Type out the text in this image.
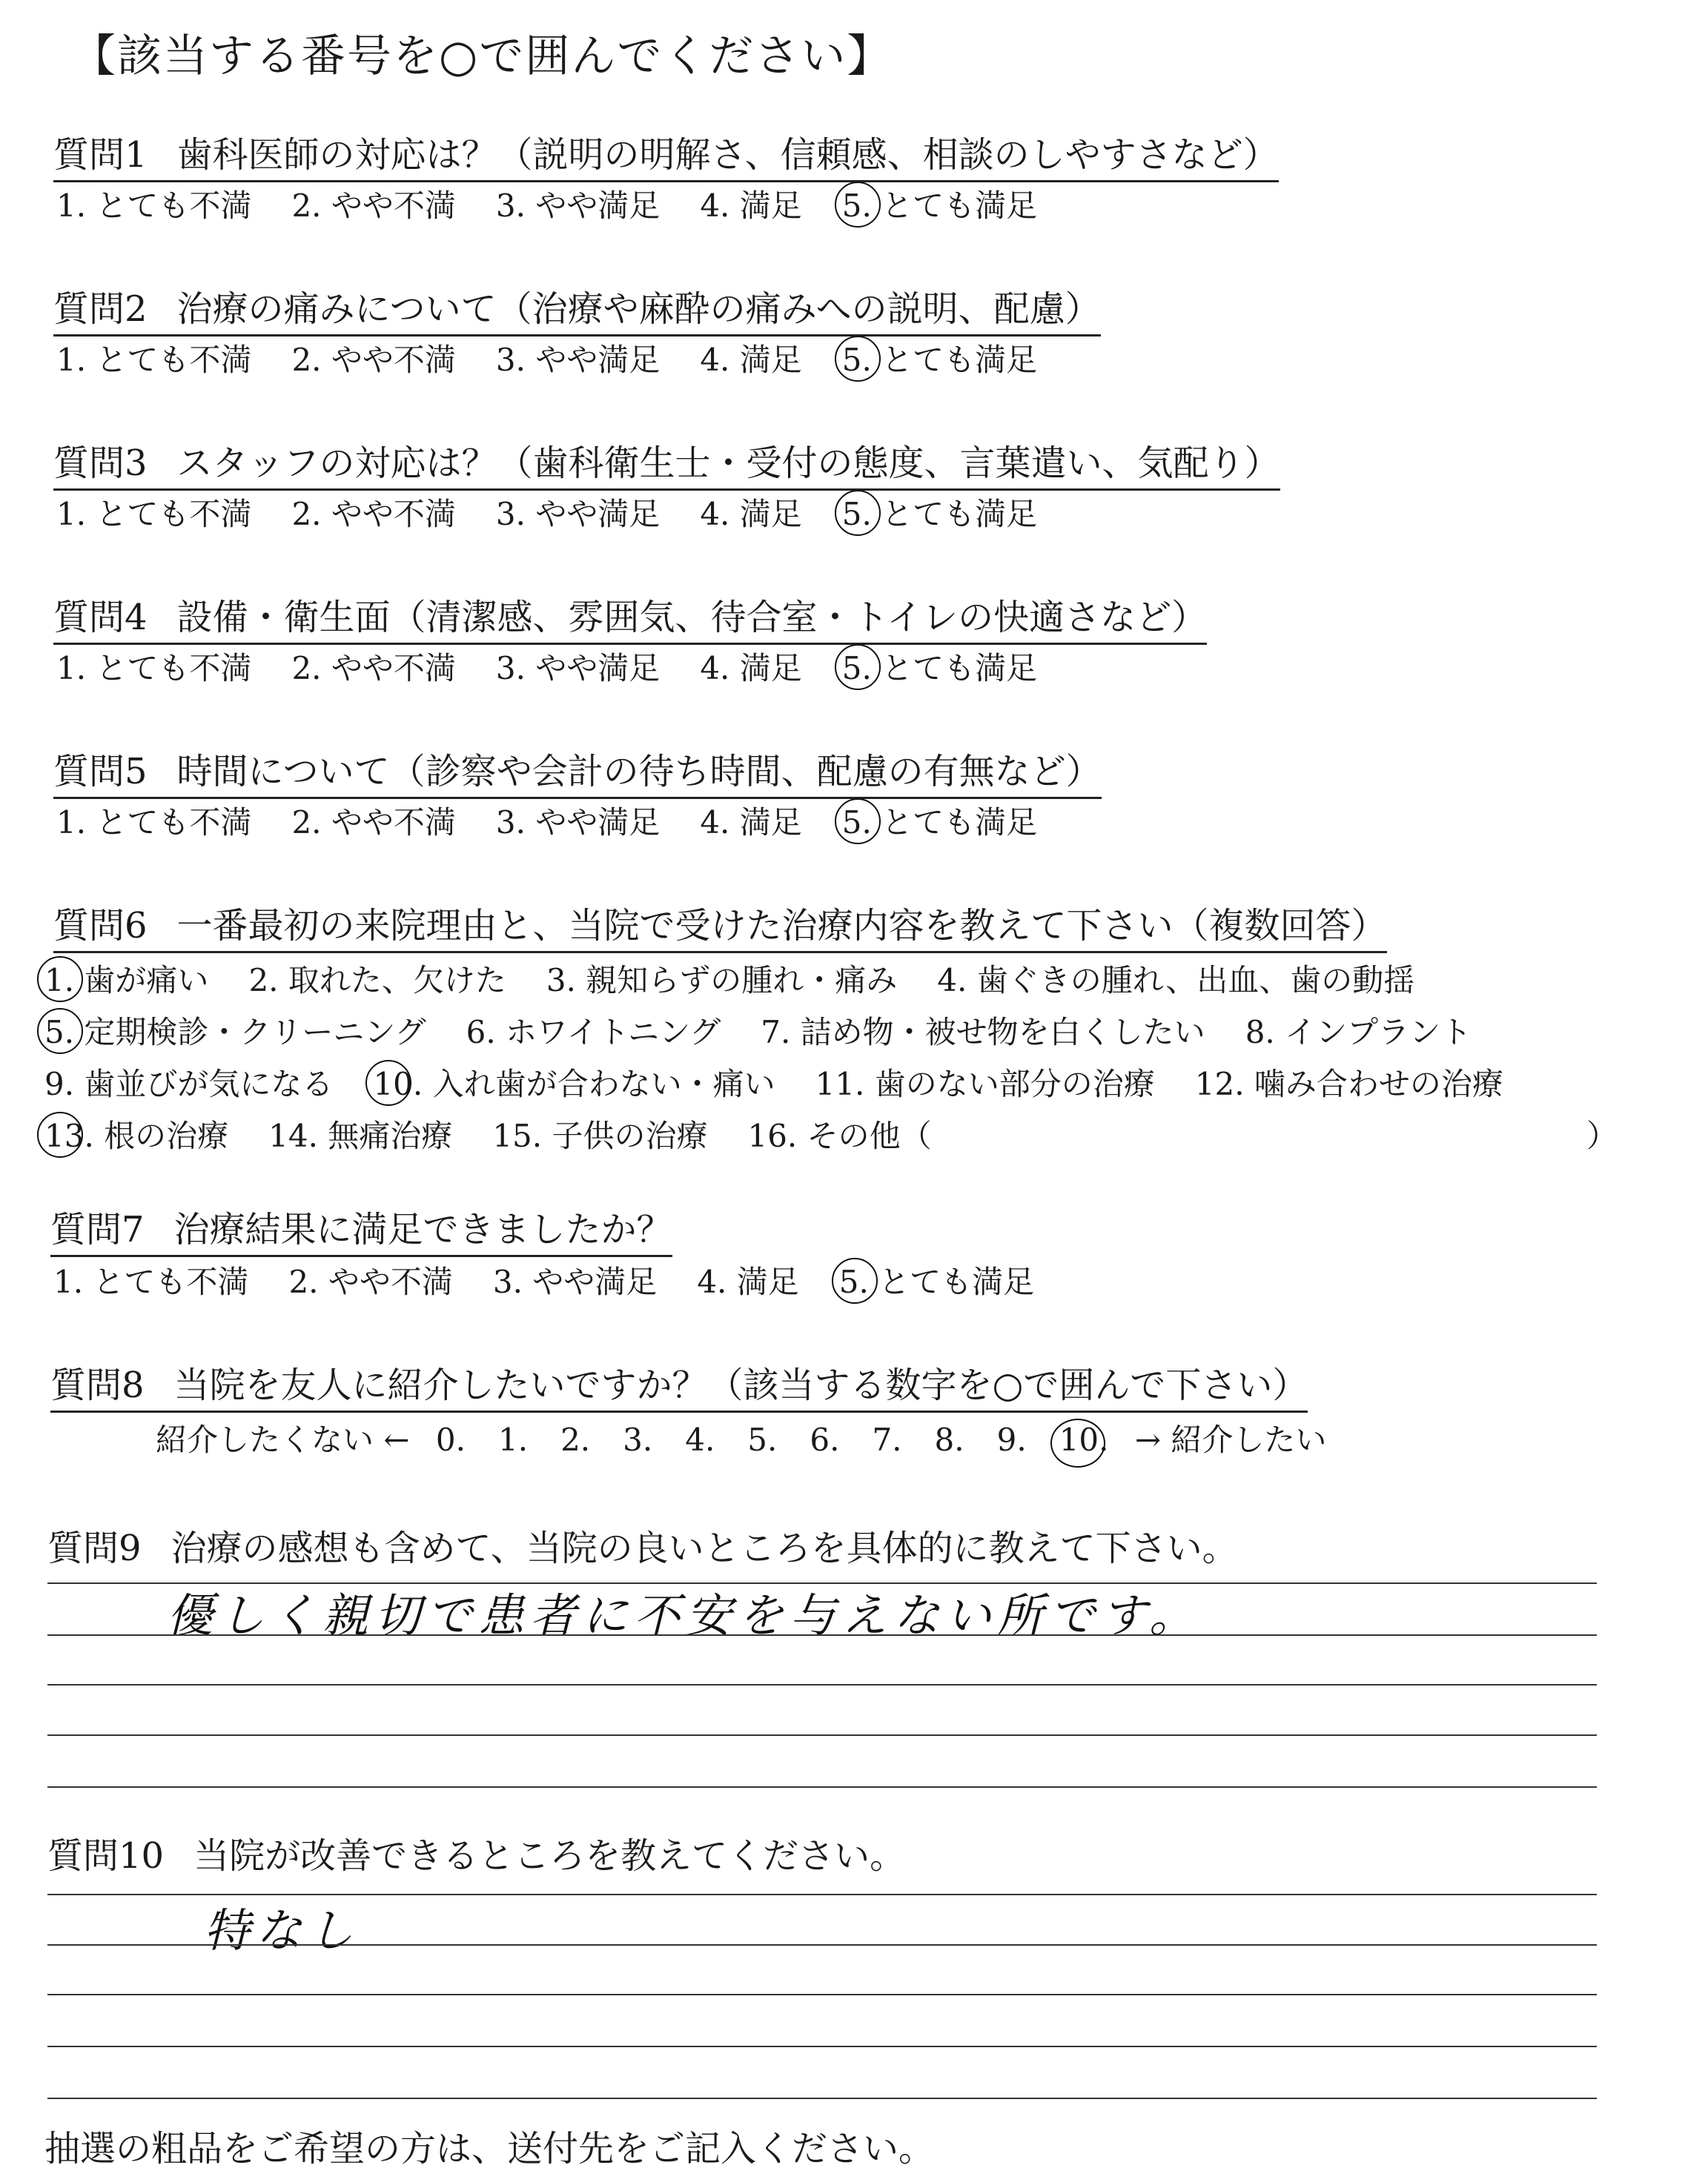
【該当する番号を○で囲んでください】
質問1 歯科医師の対応は？（説明の明解さ、信頼感、相談のしやすさなど）
1. とても不満 2. やや不満 3. やや満足 4. 満足 5. とても満足
質問2 治療の痛みについて（治療や麻酔の痛みへの説明、配慮）
1. とても不満 2. やや不満 3. やや満足 4. 満足 5. とても満足
質問3 スタッフの対応は？（歯科衛生士・受付の態度、言葉遣い、気配り）
1. とても不満 2. やや不満 3. やや満足 4. 満足 5. とても満足
質問4 設備・衛生面（清潔感、雰囲気、待合室・トイレの快適さなど）
1. とても不満 2. やや不満 3. やや満足 4. 満足 5. とても満足
質問5 時間について（診察や会計の待ち時間、配慮の有無など）
1. とても不満 2. やや不満 3. やや満足 4. 満足 5. とても満足
質問6 一番最初の来院理由と、当院で受けた治療内容を教えて下さい（複数回答）
1. 歯が痛い 2. 取れた、欠けた 3. 親知らずの腫れ・痛み 4. 歯ぐきの腫れ、出血、歯の動揺
5. 定期検診・クリーニング 6. ホワイトニング 7. 詰め物・被せ物を白くしたい 8. インプラント
9. 歯並びが気になる 10. 入れ歯が合わない・痛い 11. 歯のない部分の治療 12. 噛み合わせの治療
13. 根の治療 14. 無痛治療 15. 子供の治療 16. その他（	）
質問7 治療結果に満足できましたか？
1. とても不満 2. やや不満 3. やや満足 4. 満足 5. とても満足
質問8 当院を友人に紹介したいですか？（該当する数字を○で囲んで下さい）
紹介したくない ← 0. 1. 2. 3. 4. 5. 6. 7. 8. 9. 10. → 紹介したい
質問9 治療の感想も含めて、当院の良いところを具体的に教えて下さい。
優しく親切で患者に不安を与えない所です。
質問10 当院が改善できるところを教えてください。
特なし
抽選の粗品をご希望の方は、送付先をご記入ください。
